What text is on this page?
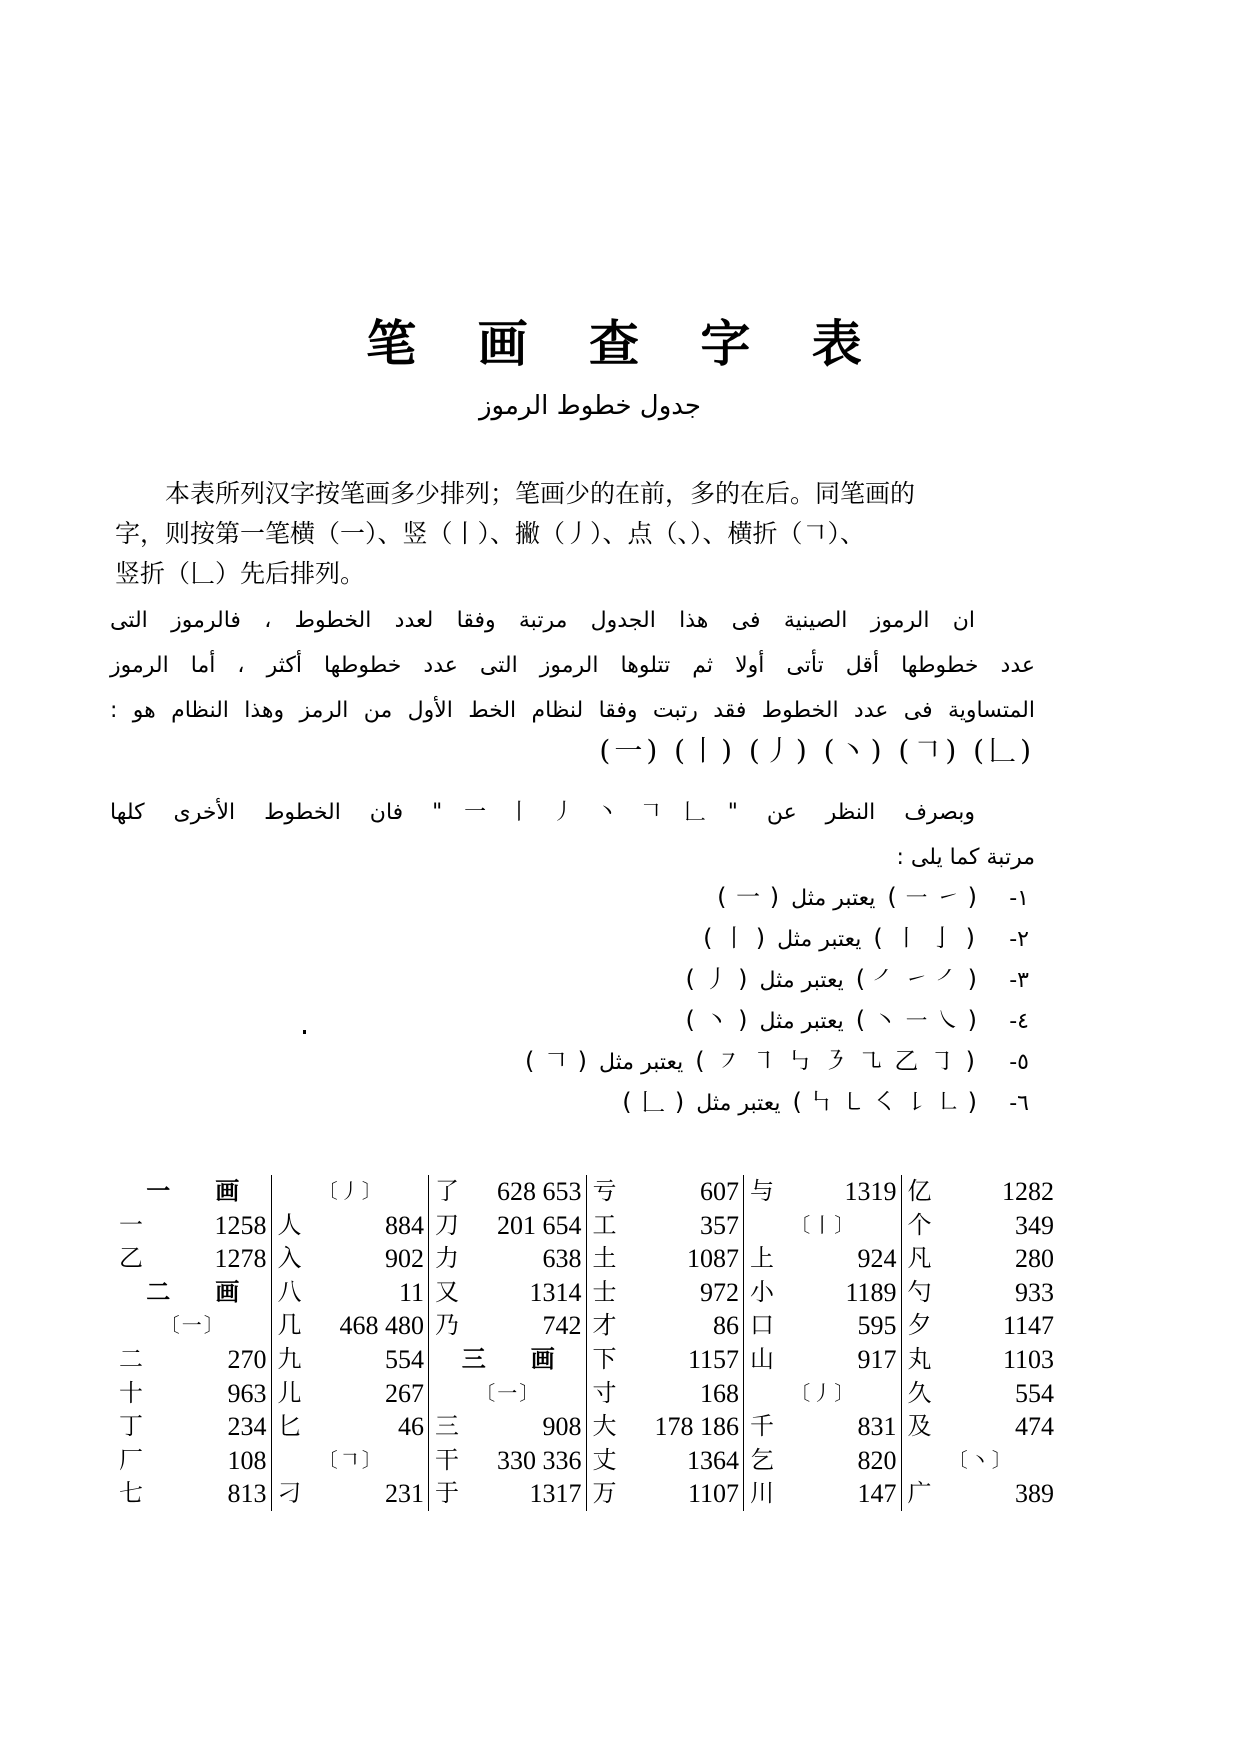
笔 画 查 字 表
جدول خطوط الرموز

本表所列汉字按笔画多少排列；笔画少的在前，多的在后。同笔画的

字，则按第一笔横（一）、竖（丨）、撇（丿）、点（、）、横折（𠃍）、

竖折（𠃊）先后排列。

ان الرموز الصينية فى هذا الجدول مرتبة وفقا لعدد الخطوط ، فالرموز التى
عدد خطوطها أقل تأتى أولا ثم تتلوها الرموز التى عدد خطوطها أكثر ، أما الرموز
المتساوية فى عدد الخطوط فقد رتبت وفقا لنظام الخط الأول من الرمز وهذا النظام هو :
(一) (丨) (丿) (丶) (𠃍) (𠃊)
وبصرف النظر عن "一丨丿丶𠃍𠃊" فان الخطوط الأخرى كلها
مرتبة كما يلى :
١-( ㇀ ㇐ )يعتبر مثل( 一 )
٢-( 亅 ㇑ )يعتبر مثل( 丨 )
٣-( ㇒ ㇀ ㇒ )يعتبر مثل( 丿 )
٤-( ㇏ ㇐ ㇔ )يعتبر مثل( 丶 )
٥-( ㇆ 乙 ㇈ ㇋ ㇉ ㇕ ㇇ )يعتبر مثل( 𠃍 )
٦-( ㇗ ㇙ ㇛ ㇄ ㇞ )يعتبر مثل( 𠃊 )
一 画
一	1258
乙	1278
二 画
〔一〕
二	270
十	963
丁	234
厂	108
七	813
〔丿〕
人	884
入	902
八	11
几	468 480
九	554
儿	267
匕	46
〔𠃍〕
刁	231
了	628 653
刀	201 654
力	638
又	1314
乃	742
三 画
〔一〕
三	908
干	330 336
于	1317
亏	607
工	357
土	1087
士	972
才	86
下	1157
寸	168
大	178 186
丈	1364
万	1107
与	1319
〔丨〕
上	924
小	1189
口	595
山	917
〔丿〕
千	831
乞	820
川	147
亿	1282
个	349
凡	280
勺	933
夕	1147
丸	1103
久	554
及	474
〔丶〕
广	389
